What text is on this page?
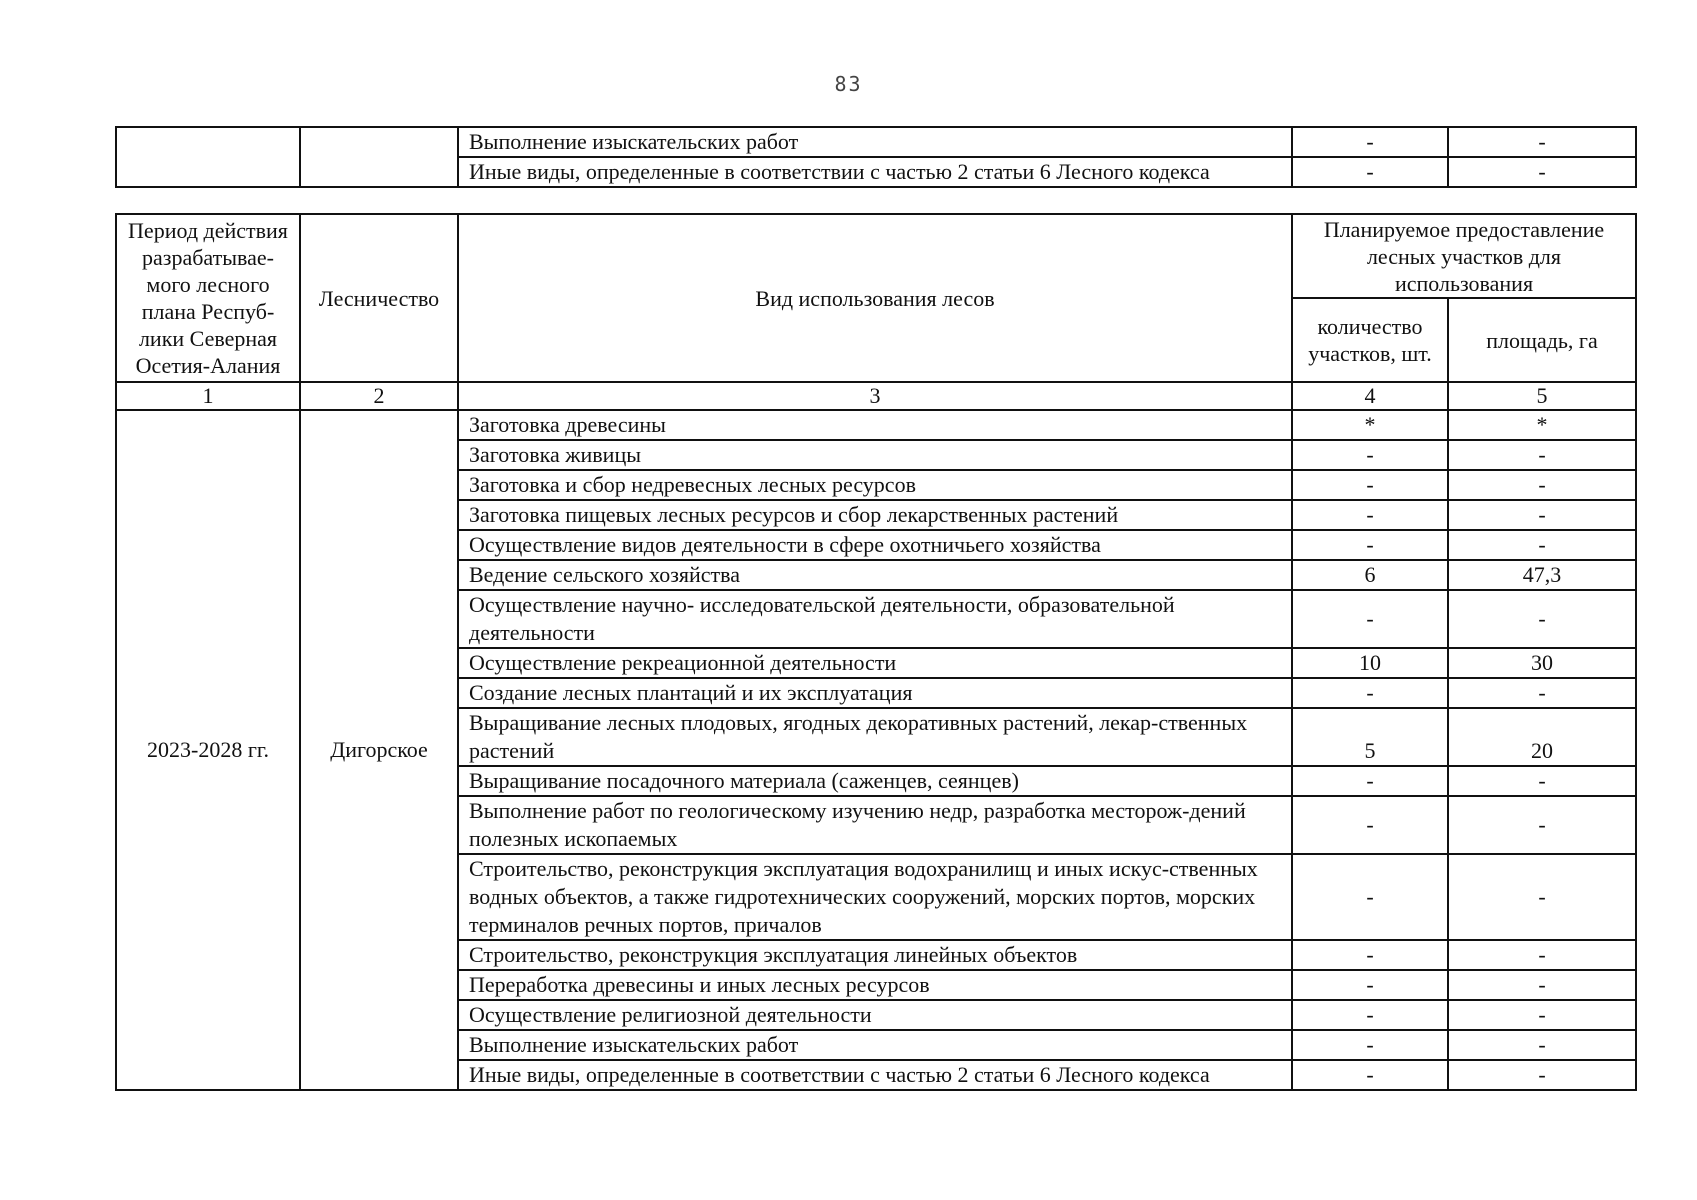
83
		Выполнение изыскательских работ	-	-
		Иные виды, определенные в соответствии с частью 2 статьи 6 Лесного кодекса	-	-
Период действия разрабатывае-мого лесного плана Респуб-лики Северная Осетия-Алания	Лесничество	Вид использования лесов	Планируемое предоставление лесных участков для использования	
			количество участков, шт.	площадь, га
1	2	3	4	5
2023-2028 гг.	Дигорское	Заготовка древесины	*	*
		Заготовка живицы	-	-
		Заготовка и сбор недревесных лесных ресурсов	-	-
		Заготовка пищевых лесных ресурсов и сбор лекарственных растений	-	-
		Осуществление видов деятельности в сфере охотничьего хозяйства	-	-
		Ведение сельского хозяйства	6	47,3
		Осуществление научно- исследовательской деятельности, образовательной деятельности	-	-
		Осуществление рекреационной деятельности	10	30
		Создание лесных плантаций и их эксплуатация	-	-
		Выращивание лесных плодовых, ягодных декоративных растений, лекар-ственных растений	5	20
		Выращивание посадочного материала (саженцев, сеянцев)	-	-
		Выполнение работ по геологическому изучению недр, разработка месторож-дений полезных ископаемых	-	-
		Строительство, реконструкция эксплуатация водохранилищ и иных искус-ственных водных объектов, а также гидротехнических сооружений, морских портов, морских терминалов речных портов, причалов	-	-
		Строительство, реконструкция эксплуатация линейных объектов	-	-
		Переработка древесины и иных лесных ресурсов	-	-
		Осуществление религиозной деятельности	-	-
		Выполнение изыскательских работ	-	-
		Иные виды, определенные в соответствии с частью 2 статьи 6 Лесного кодекса	-	-
